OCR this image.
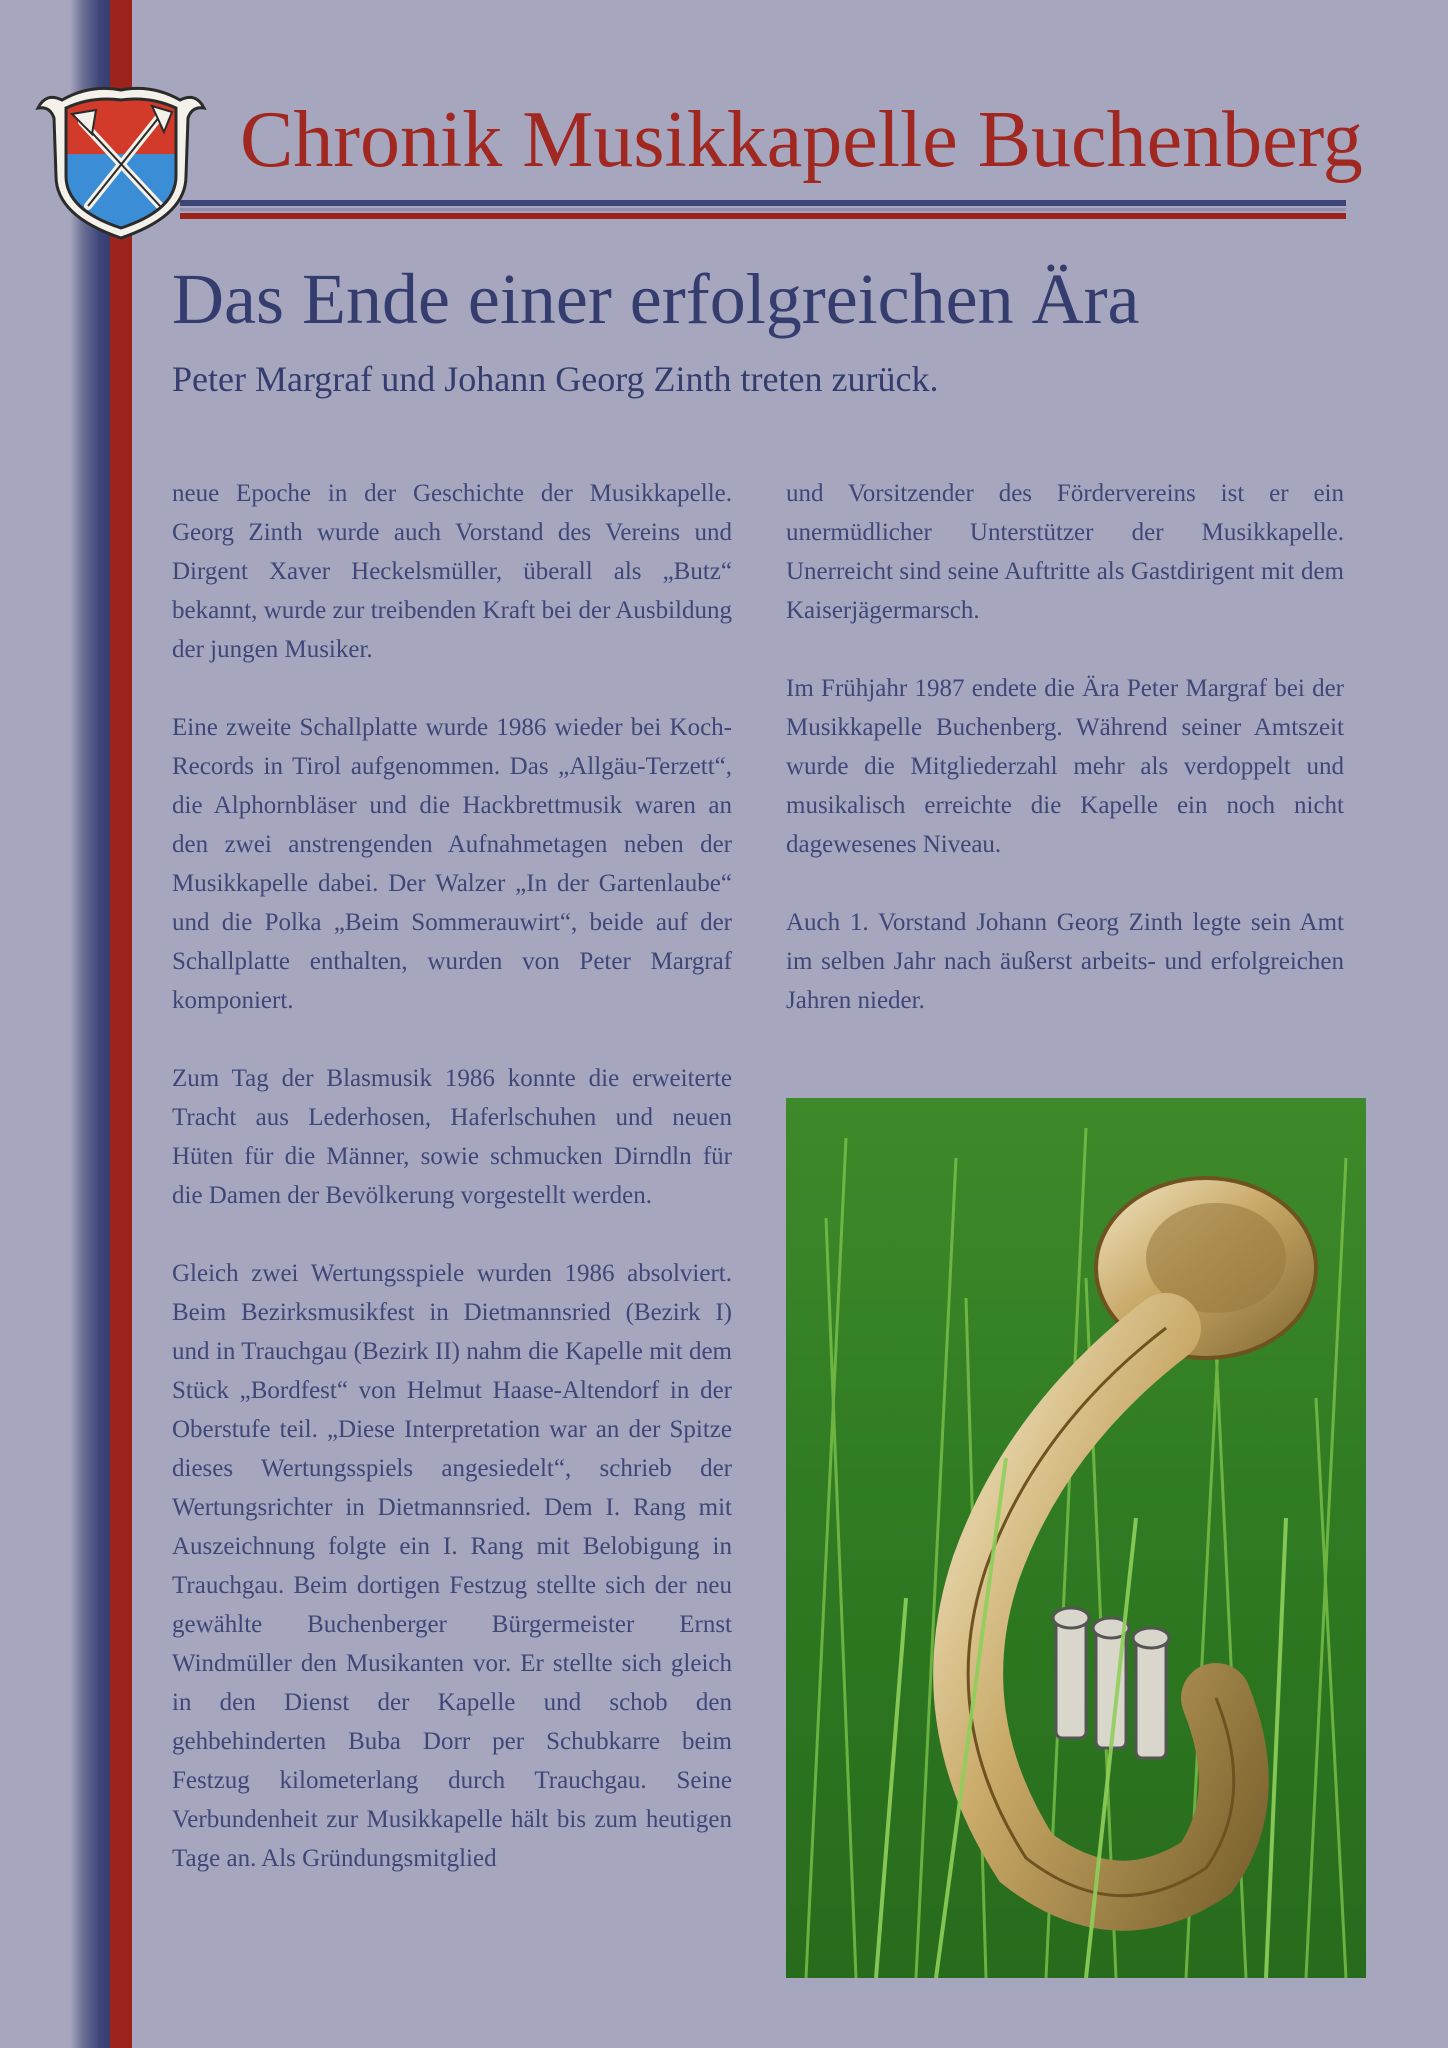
Chronik Musikkapelle Buchenberg
Das Ende einer erfolgreichen Ära

Peter Margraf und Johann Georg Zinth treten zurück.

neue Epoche in der Geschichte der Musikkapelle. Georg Zinth wurde auch Vorstand des Vereins und Dirgent Xaver Heckelsmüller, überall als „Butz“ bekannt, wurde zur treibenden Kraft bei der Ausbildung der jungen Musiker.

Eine zweite Schallplatte wurde 1986 wieder bei Koch-Records in Tirol aufgenommen. Das „Allgäu-Terzett“, die Alphornbläser und die Hackbrettmusik waren an den zwei anstrengenden Aufnahmetagen neben der Musikkapelle dabei. Der Walzer „In der Gartenlaube“ und die Polka „Beim Sommerauwirt“, beide auf der Schallplatte enthalten, wurden von Peter Margraf komponiert.

Zum Tag der Blasmusik 1986 konnte die erweiterte Tracht aus Lederhosen, Haferlschuhen und neuen Hüten für die Männer, sowie schmucken Dirndln für die Damen der Bevölkerung vorgestellt werden.

Gleich zwei Wertungsspiele wurden 1986 absolviert. Beim Bezirksmusikfest in Dietmannsried (Bezirk I) und in Trauchgau (Bezirk II) nahm die Kapelle mit dem Stück „Bordfest“ von Helmut Haase-Altendorf in der Oberstufe teil. „Diese Interpretation war an der Spitze dieses Wertungsspiels angesiedelt“, schrieb der Wertungsrichter in Dietmannsried. Dem I. Rang mit Auszeichnung folgte ein I. Rang mit Belobigung in Trauchgau. Beim dortigen Festzug stellte sich der neu gewählte Buchenberger Bürgermeister Ernst Windmüller den Musikanten vor. Er stellte sich gleich in den Dienst der Kapelle und schob den gehbehinderten Buba Dorr per Schubkarre beim Festzug kilometerlang durch Trauchgau. Seine Verbundenheit zur Musikkapelle hält bis zum heutigen Tage an. Als Gründungsmitglied

und Vorsitzender des Fördervereins ist er ein unermüdlicher Unterstützer der Musikkapelle. Unerreicht sind seine Auftritte als Gastdirigent mit dem Kaiserjägermarsch.

Im Frühjahr 1987 endete die Ära Peter Margraf bei der Musikkapelle Buchenberg. Während seiner Amtszeit wurde die Mitgliederzahl mehr als verdoppelt und musikalisch erreichte die Kapelle ein noch nicht dagewesenes Niveau.

Auch 1. Vorstand Johann Georg Zinth legte sein Amt im selben Jahr nach äußerst arbeits- und erfolgreichen Jahren nieder.
